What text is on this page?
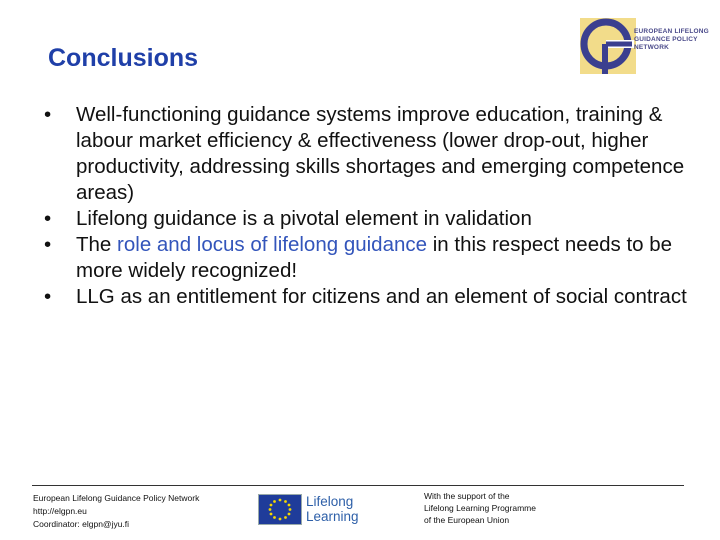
Conclusions
EUROPEAN LIFELONG
GUIDANCE POLICY
NETWORK
• Well-functioning guidance systems improve education, training & labour market efficiency & effectiveness (lower drop-out, higher productivity, addressing skills shortages and emerging competence areas)
• Lifelong guidance is a pivotal element in validation
• The role and locus of lifelong guidance in this respect needs to be more widely recognized!
• LLG as an entitlement for citizens and an element of social contract
European Lifelong Guidance Policy Network
http://elgpn.eu
Coordinator: elgpn@jyu.fi
Lifelong
Learning
With the support of the
Lifelong Learning Programme
of the European Union
